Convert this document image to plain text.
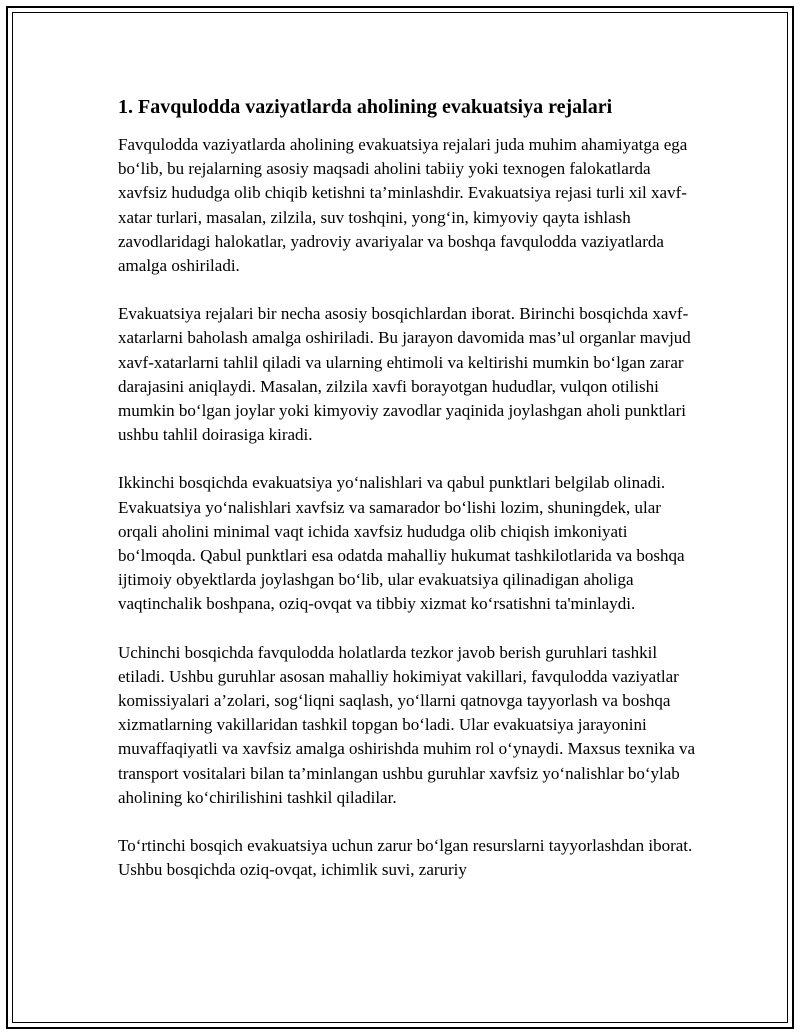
1. Favqulodda vaziyatlarda aholining evakuatsiya rejalari

Favqulodda vaziyatlarda aholining evakuatsiya rejalari juda muhim ahamiyatga ega bo‘lib, bu rejalarning asosiy maqsadi aholini tabiiy yoki texnogen falokatlarda xavfsiz hududga olib chiqib ketishni ta’minlashdir. Evakuatsiya rejasi turli xil xavf-xatar turlari, masalan, zilzila, suv toshqini, yong‘in, kimyoviy qayta ishlash zavodlaridagi halokatlar, yadroviy avariyalar va boshqa favqulodda vaziyatlarda amalga oshiriladi.

Evakuatsiya rejalari bir necha asosiy bosqichlardan iborat. Birinchi bosqichda xavf-xatarlarni baholash amalga oshiriladi. Bu jarayon davomida mas’ul organlar mavjud xavf-xatarlarni tahlil qiladi va ularning ehtimoli va keltirishi mumkin bo‘lgan zarar darajasini aniqlaydi. Masalan, zilzila xavfi borayotgan hududlar, vulqon otilishi mumkin bo‘lgan joylar yoki kimyoviy zavodlar yaqinida joylashgan aholi punktlari ushbu tahlil doirasiga kiradi.

Ikkinchi bosqichda evakuatsiya yo‘nalishlari va qabul punktlari belgilab olinadi. Evakuatsiya yo‘nalishlari xavfsiz va samarador bo‘lishi lozim, shuningdek, ular orqali aholini minimal vaqt ichida xavfsiz hududga olib chiqish imkoniyati bo‘lmoqda. Qabul punktlari esa odatda mahalliy hukumat tashkilotlarida va boshqa ijtimoiy obyektlarda joylashgan bo‘lib, ular evakuatsiya qilinadigan aholiga vaqtinchalik boshpana, oziq-ovqat va tibbiy xizmat ko‘rsatishni ta'minlaydi.

Uchinchi bosqichda favqulodda holatlarda tezkor javob berish guruhlari tashkil etiladi. Ushbu guruhlar asosan mahalliy hokimiyat vakillari, favqulodda vaziyatlar komissiyalari a’zolari, sog‘liqni saqlash, yo‘llarni qatnovga tayyorlash va boshqa xizmatlarning vakillaridan tashkil topgan bo‘ladi. Ular evakuatsiya jarayonini muvaffaqiyatli va xavfsiz amalga oshirishda muhim rol o‘ynaydi. Maxsus texnika va transport vositalari bilan ta’minlangan ushbu guruhlar xavfsiz yo‘nalishlar bo‘ylab aholining ko‘chirilishini tashkil qiladilar.

To‘rtinchi bosqich evakuatsiya uchun zarur bo‘lgan resurslarni tayyorlashdan iborat. Ushbu bosqichda oziq-ovqat, ichimlik suvi, zaruriy
